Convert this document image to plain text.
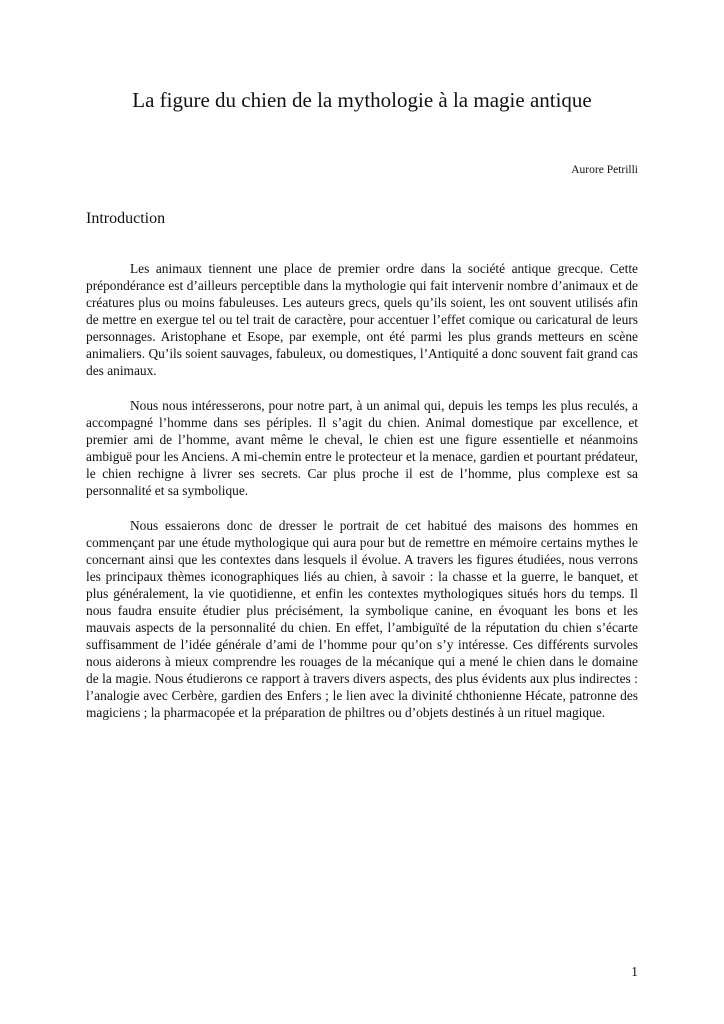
La figure du chien de la mythologie à la magie antique

Aurore Petrilli

Introduction

Les animaux tiennent une place de premier ordre dans la société antique grecque. Cette prépondérance est d’ailleurs perceptible dans la mythologie qui fait intervenir nombre d’animaux et de créatures plus ou moins fabuleuses. Les auteurs grecs, quels qu’ils soient, les ont souvent utilisés afin de mettre en exergue tel ou tel trait de caractère, pour accentuer l’effet comique ou caricatural de leurs personnages. Aristophane et Esope, par exemple, ont été parmi les plus grands metteurs en scène animaliers. Qu’ils soient sauvages, fabuleux, ou domestiques, l’Antiquité a donc souvent fait grand cas des animaux.

Nous nous intéresserons, pour notre part, à un animal qui, depuis les temps les plus reculés, a accompagné l’homme dans ses périples. Il s’agit du chien. Animal domestique par excellence, et premier ami de l’homme, avant même le cheval, le chien est une figure essentielle et néanmoins ambiguë pour les Anciens. A mi-chemin entre le protecteur et la menace, gardien et pourtant prédateur, le chien rechigne à livrer ses secrets. Car plus proche il est de l’homme, plus complexe est sa personnalité et sa symbolique.

Nous essaierons donc de dresser le portrait de cet habitué des maisons des hommes en commençant par une étude mythologique qui aura pour but de remettre en mémoire certains mythes le concernant ainsi que les contextes dans lesquels il évolue. A travers les figures étudiées, nous verrons les principaux thèmes iconographiques liés au chien, à savoir : la chasse et la guerre, le banquet, et plus généralement, la vie quotidienne, et enfin les contextes mythologiques situés hors du temps. Il nous faudra ensuite étudier plus précisément, la symbolique canine, en évoquant les bons et les mauvais aspects de la personnalité du chien. En effet, l’ambiguïté de la réputation du chien s’écarte suffisamment de l’idée générale d’ami de l’homme pour qu’on s’y intéresse. Ces différents survoles nous aiderons à mieux comprendre les rouages de la mécanique qui a mené le chien dans le domaine de la magie. Nous étudierons ce rapport à travers divers aspects, des plus évidents aux plus indirectes : l’analogie avec Cerbère, gardien des Enfers ; le lien avec la divinité chthonienne Hécate, patronne des magiciens ; la pharmacopée et la préparation de philtres ou d’objets destinés à un rituel magique.

1
